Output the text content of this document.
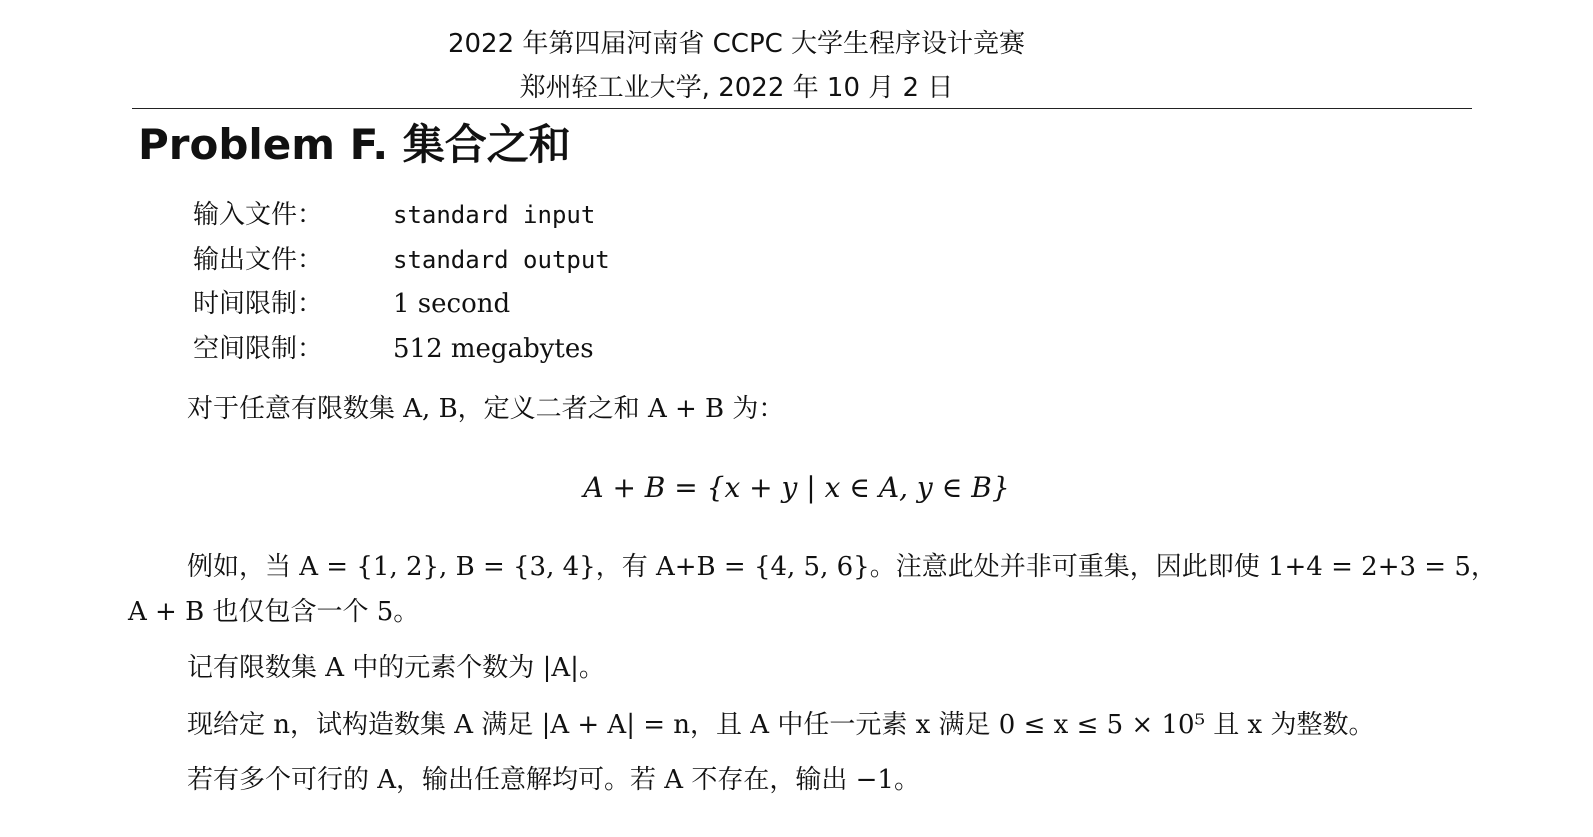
2022 年第四届河南省 CCPC 大学生程序设计竞赛
郑州轻工业大学, 2022 年 10 月 2 日
Problem F. 集合之和
输入文件：	standard input
输出文件：	standard output
时间限制：	1 second
空间限制：	512 megabytes
对于任意有限数集 A, B，定义二者之和 A + B 为：
A + B = {x + y | x ∈ A, y ∈ B}
例如，当 A = {1, 2}, B = {3, 4}，有 A+B = {4, 5, 6}。注意此处并非可重集，因此即使 1+4 = 2+3 = 5，
A + B 也仅包含一个 5。
记有限数集 A 中的元素个数为 |A|。
现给定 n，试构造数集 A 满足 |A + A| = n，且 A 中任一元素 x 满足 0 ≤ x ≤ 5 × 10⁵ 且 x 为整数。
若有多个可行的 A，输出任意解均可。若 A 不存在，输出 −1。
